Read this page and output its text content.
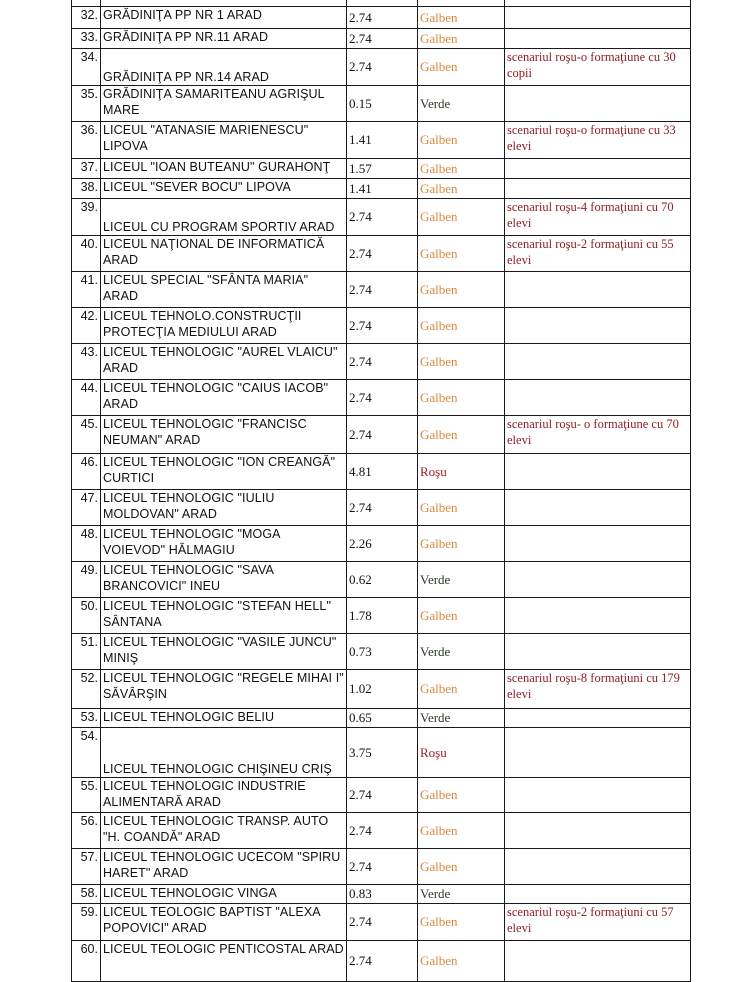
32.	GRĂDINIŢA PP NR 1 ARAD	2.74	Galben	
33.	GRĂDINIŢA PP NR.11 ARAD	2.74	Galben	
34.	GRĂDINIŢA PP NR.14 ARAD	2.74	Galben	scenariul roşu-o formaţiune cu 30 copii
35.	GRĂDINIŢA SAMARITEANU AGRIŞUL MARE	0.15	Verde	
36.	LICEUL "ATANASIE MARIENESCU" LIPOVA	1.41	Galben	scenariul roşu-o formaţiune cu 33 elevi
37.	LICEUL "IOAN BUTEANU" GURAHONŢ	1.57	Galben	
38.	LICEUL "SEVER BOCU" LIPOVA	1.41	Galben	
39.	LICEUL CU PROGRAM SPORTIV ARAD	2.74	Galben	scenariul roşu-4 formaţiuni cu 70 elevi
40.	LICEUL NAŢIONAL DE INFORMATICĂ ARAD	2.74	Galben	scenariul roşu-2 formaţiuni cu 55 elevi
41.	LICEUL SPECIAL "SFÂNTA MARIA" ARAD	2.74	Galben	
42.	LICEUL TEHNOLO.CONSTRUCŢII PROTECŢIA MEDIULUI ARAD	2.74	Galben	
43.	LICEUL TEHNOLOGIC "AUREL VLAICU" ARAD	2.74	Galben	
44.	LICEUL TEHNOLOGIC "CAIUS IACOB" ARAD	2.74	Galben	
45.	LICEUL TEHNOLOGIC "FRANCISC NEUMAN" ARAD	2.74	Galben	scenariul roşu- o formaţiune cu 70 elevi
46.	LICEUL TEHNOLOGIC "ION CREANGĂ" CURTICI	4.81	Roşu	
47.	LICEUL TEHNOLOGIC "IULIU MOLDOVAN" ARAD	2.74	Galben	
48.	LICEUL TEHNOLOGIC "MOGA VOIEVOD" HĂLMAGIU	2.26	Galben	
49.	LICEUL TEHNOLOGIC "SAVA BRANCOVICI" INEU	0.62	Verde	
50.	LICEUL TEHNOLOGIC "STEFAN HELL" SÂNTANA	1.78	Galben	
51.	LICEUL TEHNOLOGIC "VASILE JUNCU" MINIŞ	0.73	Verde	
52.	LICEUL TEHNOLOGIC "REGELE MIHAI I" SĂVÂRŞIN	1.02	Galben	scenariul roşu-8 formaţiuni cu 179 elevi
53.	LICEUL TEHNOLOGIC BELIU	0.65	Verde	
54.	LICEUL TEHNOLOGIC CHIŞINEU CRIŞ	3.75	Roşu	
55.	LICEUL TEHNOLOGIC INDUSTRIE ALIMENTARĂ ARAD	2.74	Galben	
56.	LICEUL TEHNOLOGIC TRANSP. AUTO "H. COANDĂ" ARAD	2.74	Galben	
57.	LICEUL TEHNOLOGIC UCECOM "SPIRU HARET" ARAD	2.74	Galben	
58.	LICEUL TEHNOLOGIC VINGA	0.83	Verde	
59.	LICEUL TEOLOGIC BAPTIST "ALEXA POPOVICI" ARAD	2.74	Galben	scenariul roşu-2 formaţiuni cu 57 elevi
60.	LICEUL TEOLOGIC PENTICOSTAL ARAD	2.74	Galben	
